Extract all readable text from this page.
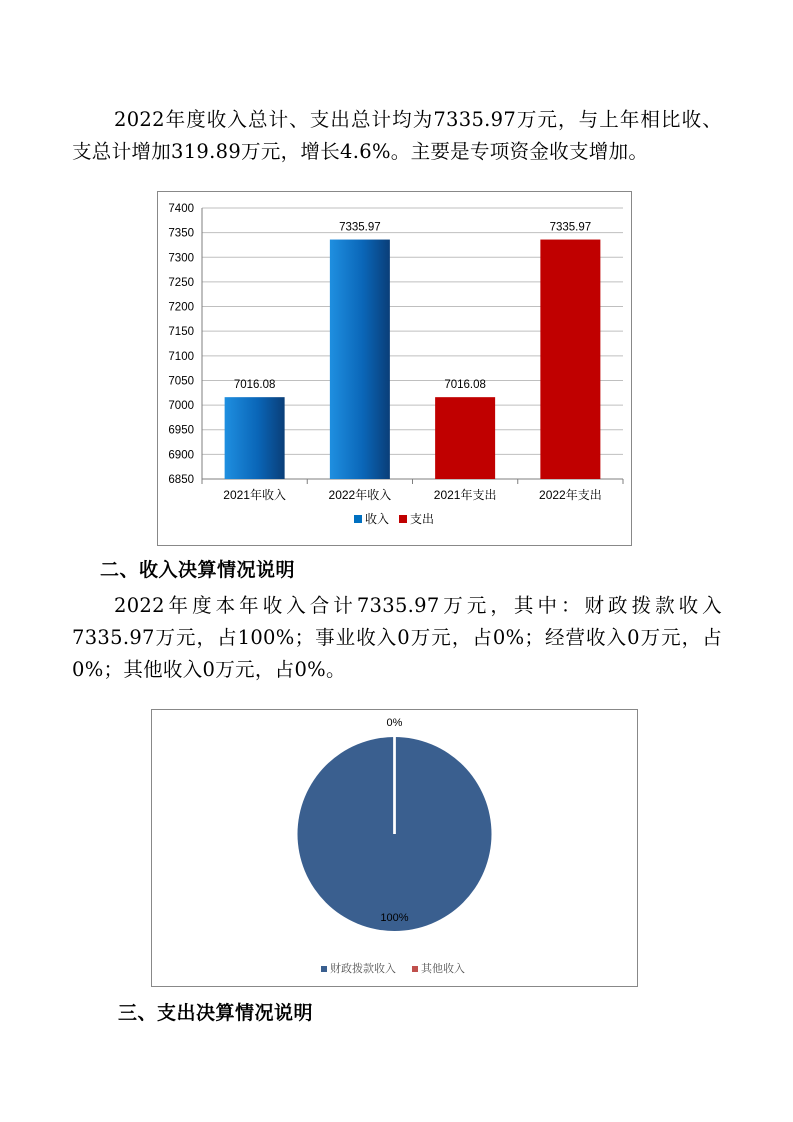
2022年度收入总计、支出总计均为7335.97万元，与上年相比收、支总计增加319.89万元，增长4.6%。主要是专项资金收支增加。

6850
6900
6950
7000
7050
7100
7150
7200
7250
7300
7350
7400
7016.08
7335.97
7016.08
7335.97
2021年收入	2022年收入	2021年支出	2022年支出
收入 支出
二、收入决算情况说明

2022年度本年收入合计7335.97万元，其中：财政拨款收入7335.97万元，占100%；事业收入0万元，占0%；经营收入0万元，占0%；其他收入0万元，占0%。

100%
0%
财政拨款收入 其他收入
三、支出决算情况说明
